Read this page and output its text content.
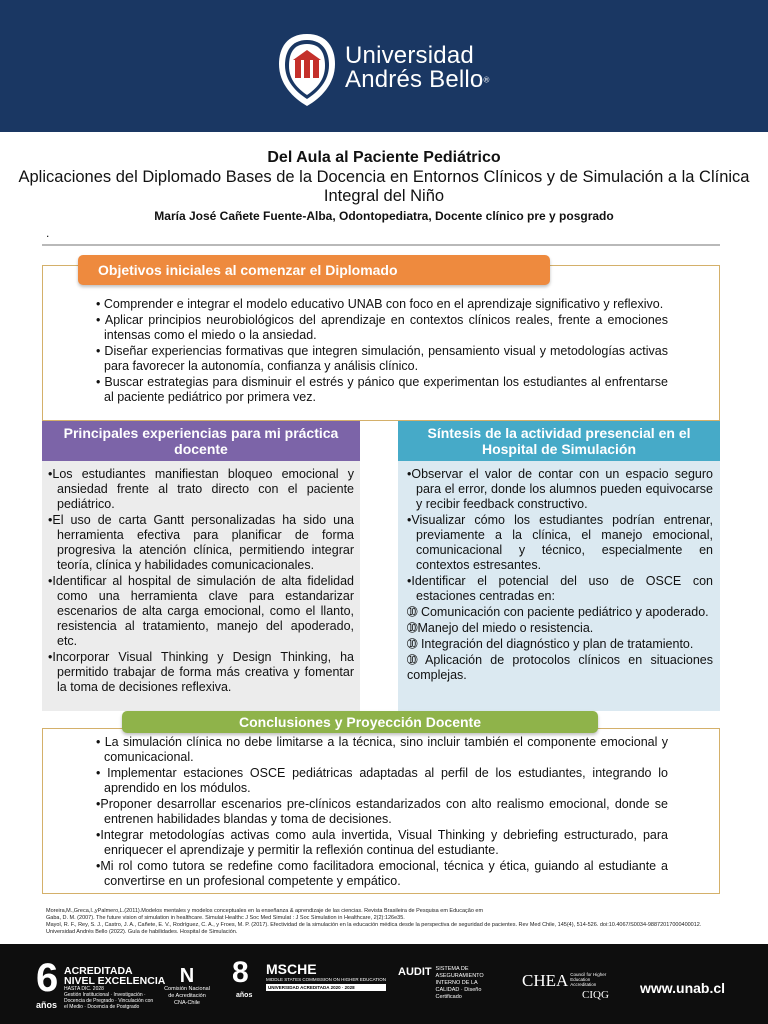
Universidad
Andrés Bello®
Del Aula al Paciente Pediátrico
Aplicaciones del Diplomado Bases de la Docencia en Entornos Clínicos y de Simulación a la Clínica Integral del Niño
María José Cañete Fuente-Alba, Odontopediatra, Docente clínico pre y posgrado
.
Objetivos iniciales al comenzar el Diplomado
• Comprender e integrar el modelo educativo UNAB con foco en el aprendizaje significativo y reflexivo.
• Aplicar principios neurobiológicos del aprendizaje en contextos clínicos reales, frente a emociones intensas como el miedo o la ansiedad.
• Diseñar experiencias formativas que integren simulación, pensamiento visual y metodologías activas para favorecer la autonomía, confianza y análisis clínico.
• Buscar estrategias para disminuir el estrés y pánico que experimentan los estudiantes al enfrentarse al paciente pediátrico por primera vez.
Principales experiencias para mi práctica docente
•Los estudiantes manifiestan bloqueo emocional y ansiedad frente al trato directo con el paciente pediátrico.
•El uso de carta Gantt personalizadas ha sido una herramienta efectiva para planificar de forma progresiva la atención clínica, permitiendo integrar teoría, clínica y habilidades comunicacionales.
•Identificar al hospital de simulación de alta fidelidad como una herramienta clave para estandarizar escenarios de alta carga emocional, como el llanto, resistencia al tratamiento, manejo del apoderado, etc.
•Incorporar Visual Thinking y Design Thinking, ha permitido trabajar de forma más creativa y fomentar la toma de decisiones reflexiva.
Síntesis de la actividad presencial en el Hospital de Simulación
•Observar el valor de contar con un espacio seguro para el error, donde los alumnos pueden equivocarse y recibir feedback constructivo.
•Visualizar cómo los estudiantes podrían entrenar, previamente a la clínica, el manejo emocional, comunicacional y técnico, especialmente en contextos estresantes.
•Identificar el potencial del uso de OSCE con estaciones centradas en:
➉ Comunicación con paciente pediátrico y apoderado.
➉Manejo del miedo o resistencia.
➉ Integración del diagnóstico y plan de tratamiento.
➉ Aplicación de protocolos clínicos en situaciones complejas.
Conclusiones y Proyección Docente
• La simulación clínica no debe limitarse a la técnica, sino incluir también el componente emocional y comunicacional.
• Implementar estaciones OSCE pediátricas adaptadas al perfil de los estudiantes, integrando lo aprendido en los módulos.
•Proponer desarrollar escenarios pre-clínicos estandarizados con alto realismo emocional, donde se entrenen habilidades blandas y toma de decisiones.
•Integrar metodologías activas como aula invertida, Visual Thinking y debriefing estructurado, para enriquecer el aprendizaje y permitir la reflexión continua del estudiante.
•Mi rol como tutora se redefine como facilitadora emocional, técnica y ética, guiando al estudiante a convertirse en un profesional competente y empático.
Moreira,M.,Greca,I.,yPalmero,L.(2011).Modelos mentales y modelos conceptuales en la enseñanza & aprendizaje de las ciencias. Revista Brasileira de Pesquisa em Educação em
Gaba, D. M. (2007). The future vision of simulation in healthcare. Simulat Healthc J Soc Med Simulat : J Soc Simulation in Healthcare, 2(2):126e35.
Mayol, R. F., Rey, S. J., Castro, J. A., Cañete, E. V., Rodríguez, C. A., y Froes, M. P. (2017). Efectividad de la simulación en la educación médica desde la perspectiva de seguridad de pacientes. Rev Med Chile, 145(4), 514-526. doi:10.4067/S0034-98872017000400012. Universidad Andrés Bello (2022). Guía de habilidades. Hospital de Simulación.
6
años
ACREDITADA
NIVEL EXCELENCIA
HASTA DIC. 2028
Gestión Institucional · Investigación · Docencia de Pregrado · Vinculación con el Medio · Docencia de Postgrado
N
Comisión Nacional de Acreditación CNA-Chile
8
años
MSCHE
MIDDLE STATES COMMISSION ON HIGHER EDUCATION
UNIVERSIDAD ACREDITADA 2020 · 2028
AUDIT SISTEMA DE ASEGURAMIENTO INTERNO DE LA CALIDAD · Diseño Certificado
CHEA Council for Higher Education Accreditation
CIQG	www.unab.cl
